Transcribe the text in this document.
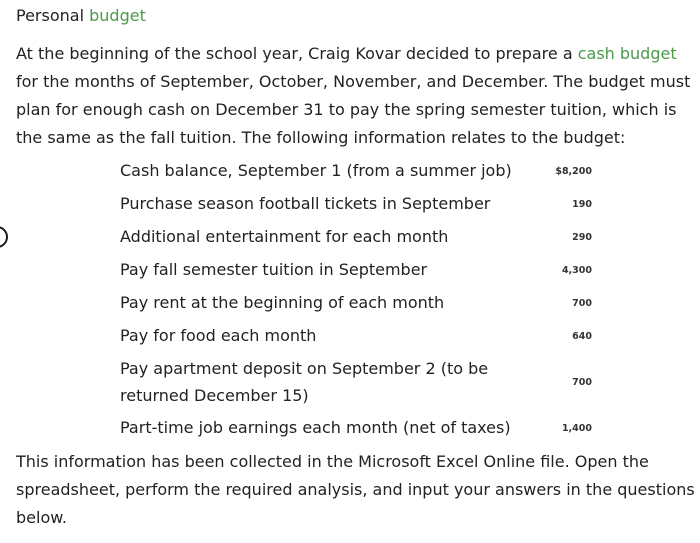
Personal budget
At the beginning of the school year, Craig Kovar decided to prepare a cash budget
for the months of September, October, November, and December. The budget must
plan for enough cash on December 31 to pay the spring semester tuition, which is
the same as the fall tuition. The following information relates to the budget:
Cash balance, September 1 (from a summer job)	$8,200
Purchase season football tickets in September	190
Additional entertainment for each month	290
Pay fall semester tuition in September	4,300
Pay rent at the beginning of each month	700
Pay for food each month	640
Pay apartment deposit on September 2 (to be
returned December 15)
700
Part-time job earnings each month (net of taxes)	1,400
This information has been collected in the Microsoft Excel Online file. Open the
spreadsheet, perform the required analysis, and input your answers in the questions
below.
